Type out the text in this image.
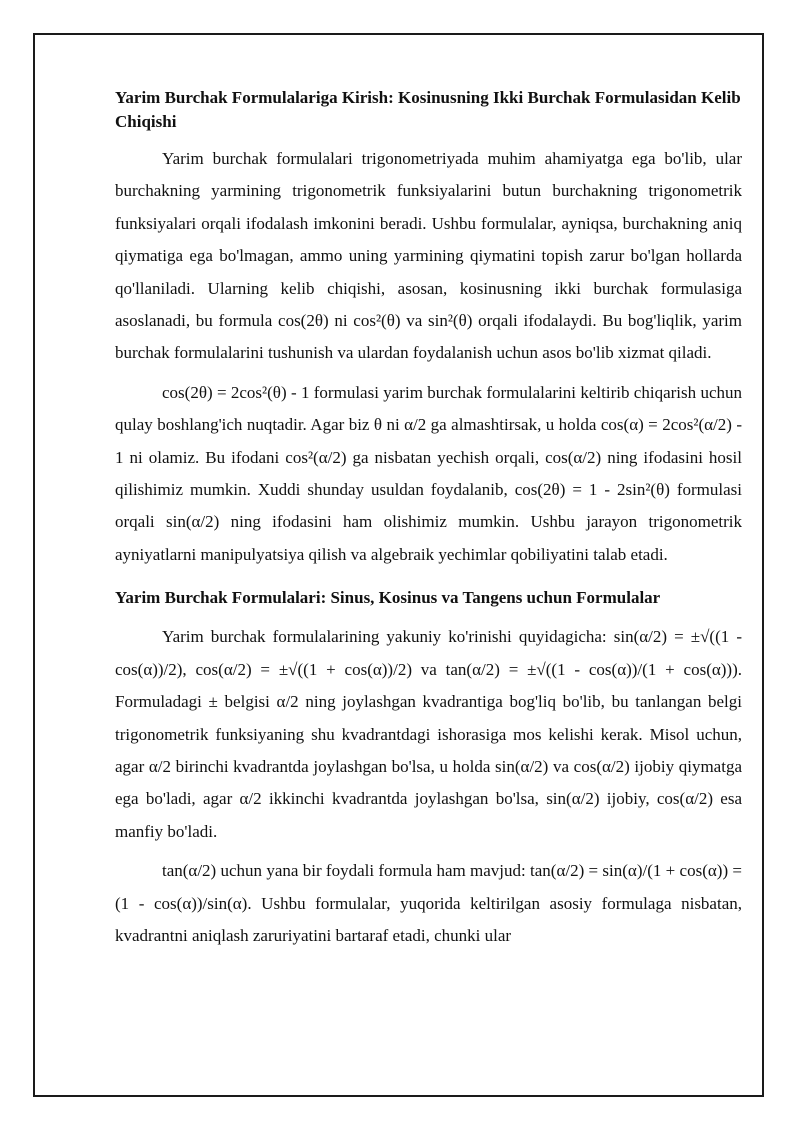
Yarim Burchak Formulalariga Kirish: Kosinusning Ikki Burchak Formulasidan Kelib Chiqishi

Yarim burchak formulalari trigonometriyada muhim ahamiyatga ega bo'lib, ular burchakning yarmining trigonometrik funksiyalarini butun burchakning trigonometrik funksiyalari orqali ifodalash imkonini beradi. Ushbu formulalar, ayniqsa, burchakning aniq qiymatiga ega bo'lmagan, ammo uning yarmining qiymatini topish zarur bo'lgan hollarda qo'llaniladi. Ularning kelib chiqishi, asosan, kosinusning ikki burchak formulasiga asoslanadi, bu formula cos(2θ) ni cos²(θ) va sin²(θ) orqali ifodalaydi. Bu bog'liqlik, yarim burchak formulalarini tushunish va ulardan foydalanish uchun asos bo'lib xizmat qiladi.

cos(2θ) = 2cos²(θ) - 1 formulasi yarim burchak formulalarini keltirib chiqarish uchun qulay boshlang'ich nuqtadir. Agar biz θ ni α/2 ga almashtirsak, u holda cos(α) = 2cos²(α/2) - 1 ni olamiz. Bu ifodani cos²(α/2) ga nisbatan yechish orqali, cos(α/2) ning ifodasini hosil qilishimiz mumkin. Xuddi shunday usuldan foydalanib, cos(2θ) = 1 - 2sin²(θ) formulasi orqali sin(α/2) ning ifodasini ham olishimiz mumkin. Ushbu jarayon trigonometrik ayniyatlarni manipulyatsiya qilish va algebraik yechimlar qobiliyatini talab etadi.

Yarim Burchak Formulalari: Sinus, Kosinus va Tangens uchun Formulalar

Yarim burchak formulalarining yakuniy ko'rinishi quyidagicha: sin(α/2) = ±√((1 - cos(α))/2), cos(α/2) = ±√((1 + cos(α))/2) va tan(α/2) = ±√((1 - cos(α))/(1 + cos(α))). Formuladagi ± belgisi α/2 ning joylashgan kvadrantiga bog'liq bo'lib, bu tanlangan belgi trigonometrik funksiyaning shu kvadrantdagi ishorasiga mos kelishi kerak. Misol uchun, agar α/2 birinchi kvadrantda joylashgan bo'lsa, u holda sin(α/2) va cos(α/2) ijobiy qiymatga ega bo'ladi, agar α/2 ikkinchi kvadrantda joylashgan bo'lsa, sin(α/2) ijobiy, cos(α/2) esa manfiy bo'ladi.

tan(α/2) uchun yana bir foydali formula ham mavjud: tan(α/2) = sin(α)/(1 + cos(α)) = (1 - cos(α))/sin(α). Ushbu formulalar, yuqorida keltirilgan asosiy formulaga nisbatan, kvadrantni aniqlash zaruriyatini bartaraf etadi, chunki ular
